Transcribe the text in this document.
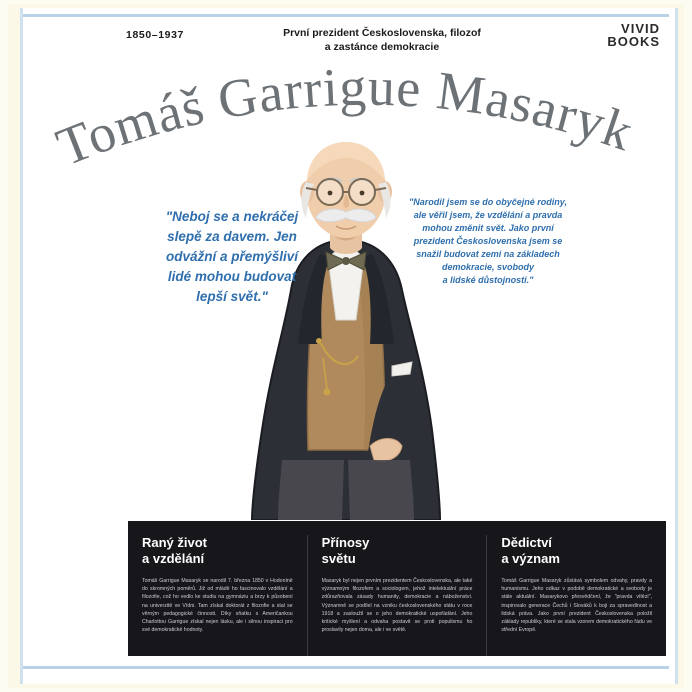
1850–1937	První prezident Československa, filozof
a zastánce demokracie
VIVID
BOOKS
Tomáš Garrigue Masaryk
"Neboj se a nekráčej
slepě za davem. Jen
odvážní a přemýšliví
lidé mohou budovat
lepší svět."
"Narodil jsem se do obyčejné rodiny,
ale věřil jsem, že vzdělání a pravda
mohou změnit svět. Jako první
prezident Československa jsem se
snažil budovat zemi na základech
demokracie, svobody
a lidské důstojnosti."
Raný život
a vzdělání
Tomáš Garrigue Masaryk se narodil 7. března 1850 v Hodoníně do skromných poměrů. Již od mládě ho fascinovalo vzdělání a filozofie, což ho vedlo ke studiu na gymnáziu a brzy k působení na univerzitě ve Vídni. Tam získal doktorát z filozofie a stal se věrným pedagogické činnosti. Díky sňatku s Američankou Charlottou Garrigue získal nejen lásku, ale i silnou inspiraci pro své demokratické hodnoty.
Přínosy
světu
Masaryk byl nejen prvním prezidentem Československa, ale také významným filozofem a sociologem, jehož intelektuální práce zdůrazňovala zásady humanity, demokracie a náboženství. Významně se podílel na vzniku československého státu v roce 1918 a zasloužil se o jeho demokratické uspořádání. Jeho kritické myšlení a odvaha postavit se proti populismu ho proslavily nejen doma, ale i ve světě.
Dědictví
a význam
Tomáš Garrigue Masaryk zůstává symbolem odvahy, pravdy a humanismu. Jeho odkaz v podobě demokratické a svobody je stále aktuální. Masarykovo přesvědčení, že "pravda vítězí", inspirovalo generace Čechů i Slováků k boji za spravedlnost a lidská práva. Jako první prezident Československa položil základy republiky, které se stala vzorem demokratického řádu ve střední Evropě.
